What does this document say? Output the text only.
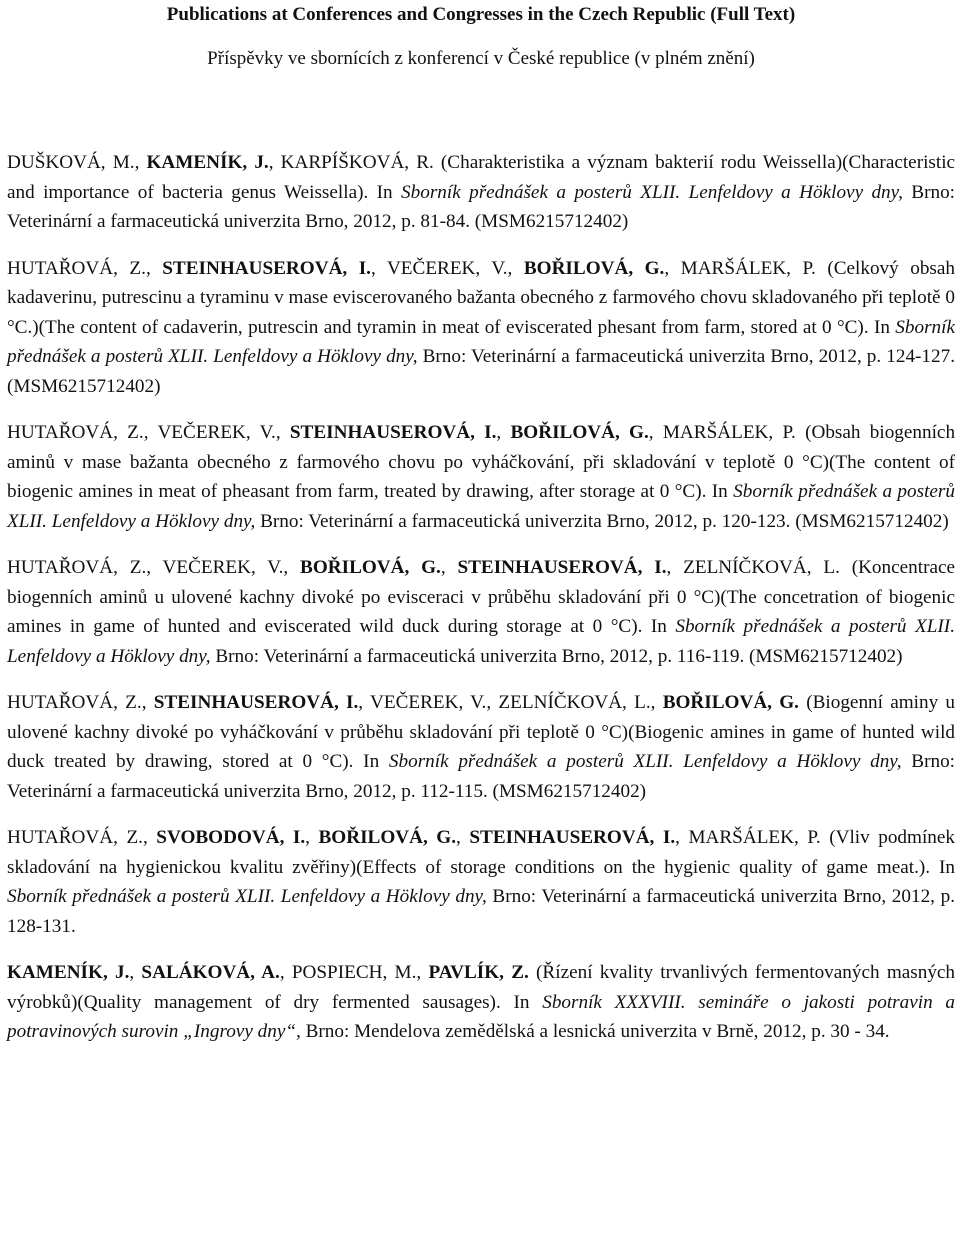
Publications at Conferences and Congresses in the Czech Republic (Full Text)
Příspěvky ve sbornících z konferencí v České republice (v plném znění)

DUŠKOVÁ, M., KAMENÍK, J., KARPÍŠKOVÁ, R. (Charakteristika a význam bakterií rodu Weissella)(Characteristic and importance of bacteria genus Weissella). In Sborník přednášek a posterů XLII. Lenfeldovy a Höklovy dny, Brno: Veterinární a farmaceutická univerzita Brno, 2012, p. 81-84. (MSM6215712402)

HUTAŘOVÁ, Z., STEINHAUSEROVÁ, I., VEČEREK, V., BOŘILOVÁ, G., MARŠÁLEK, P. (Celkový obsah kadaverinu, putrescinu a tyraminu v mase eviscerovaného bažanta obecného z farmového chovu skladovaného při teplotě 0 °C.)(The content of cadaverin, putrescin and tyramin in meat of eviscerated phesant from farm, stored at 0 °C). In Sborník přednášek a posterů XLII. Lenfeldovy a Höklovy dny, Brno: Veterinární a farmaceutická univerzita Brno, 2012, p. 124-127. (MSM6215712402)

HUTAŘOVÁ, Z., VEČEREK, V., STEINHAUSEROVÁ, I., BOŘILOVÁ, G., MARŠÁLEK, P. (Obsah biogenních aminů v mase bažanta obecného z farmového chovu po vyháčkování, při skladování v teplotě 0 °C)(The content of biogenic amines in meat of pheasant from farm, treated by drawing, after storage at 0 °C). In Sborník přednášek a posterů XLII. Lenfeldovy a Höklovy dny, Brno: Veterinární a farmaceutická univerzita Brno, 2012, p. 120-123. (MSM6215712402)

HUTAŘOVÁ, Z., VEČEREK, V., BOŘILOVÁ, G., STEINHAUSEROVÁ, I., ZELNÍČKOVÁ, L. (Koncentrace biogenních aminů u ulovené kachny divoké po evisceraci v průběhu skladování při 0 °C)(The concetration of biogenic amines in game of hunted and eviscerated wild duck during storage at 0 °C). In Sborník přednášek a posterů XLII. Lenfeldovy a Höklovy dny, Brno: Veterinární a farmaceutická univerzita Brno, 2012, p. 116-119. (MSM6215712402)

HUTAŘOVÁ, Z., STEINHAUSEROVÁ, I., VEČEREK, V., ZELNÍČKOVÁ, L., BOŘILOVÁ, G. (Biogenní aminy u ulovené kachny divoké po vyháčkování v průběhu skladování při teplotě 0 °C)(Biogenic amines in game of hunted wild duck treated by drawing, stored at 0 °C). In Sborník přednášek a posterů XLII. Lenfeldovy a Höklovy dny, Brno: Veterinární a farmaceutická univerzita Brno, 2012, p. 112-115. (MSM6215712402)

HUTAŘOVÁ, Z., SVOBODOVÁ, I., BOŘILOVÁ, G., STEINHAUSEROVÁ, I., MARŠÁLEK, P. (Vliv podmínek skladování na hygienickou kvalitu zvěřiny)(Effects of storage conditions on the hygienic quality of game meat.). In Sborník přednášek a posterů XLII. Lenfeldovy a Höklovy dny, Brno: Veterinární a farmaceutická univerzita Brno, 2012, p. 128-131.

KAMENÍK, J., SALÁKOVÁ, A., POSPIECH, M., PAVLÍK, Z. (Řízení kvality trvanlivých fermentovaných masných výrobků)(Quality management of dry fermented sausages). In Sborník XXXVIII. semináře o jakosti potravin a potravinových surovin „Ingrovy dny“, Brno: Mendelova zemědělská a lesnická univerzita v Brně, 2012, p. 30 - 34.
